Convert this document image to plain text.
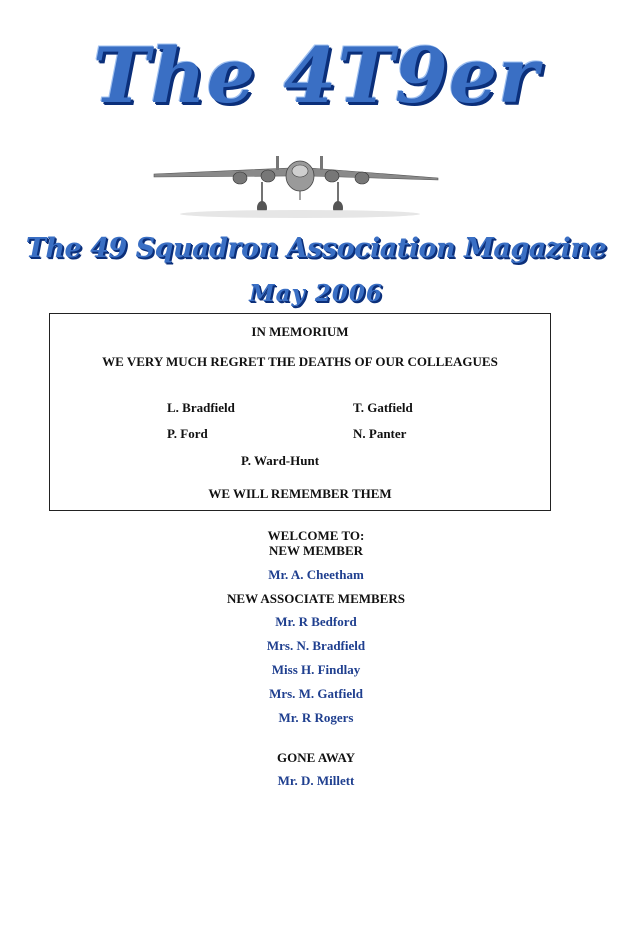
The 4T9er
The 49 Squadron Association Magazine
May 2006
IN MEMORIUM
WE VERY MUCH REGRET THE DEATHS OF OUR COLLEAGUES
L. Bradfield	T. Gatfield
P. Ford	N. Panter
P. Ward-Hunt
WE WILL REMEMBER THEM
WELCOME TO:
NEW MEMBER
Mr. A. Cheetham
NEW ASSOCIATE MEMBERS
Mr. R Bedford
Mrs. N. Bradfield
Miss H. Findlay
Mrs. M. Gatfield
Mr. R Rogers
GONE AWAY
Mr. D. Millett
